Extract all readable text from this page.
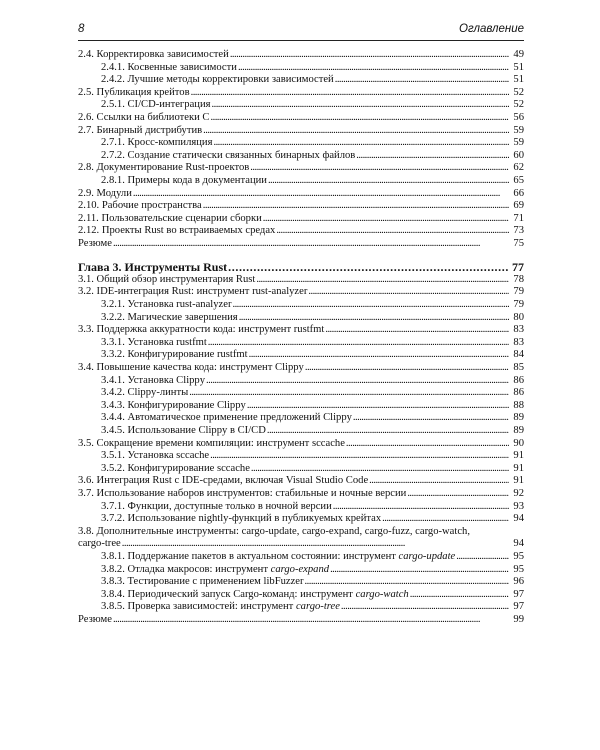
8	Оглавление
2.4. Корректировка зависимостей . . .	49
2.4.1. Косвенные зависимости . . .	51
2.4.2. Лучшие методы корректировки зависимостей . . .	51
2.5. Публикация крейтов . . .	52
2.5.1. CI/CD-интеграция . . .	52
2.6. Ссылки на библиотеки С . . .	56
2.7. Бинарный дистрибутив . . .	59
2.7.1. Кросс-компиляция . . .	59
2.7.2. Создание статически связанных бинарных файлов . . .	60
2.8. Документирование Rust-проектов . . .	62
2.8.1. Примеры кода в документации . . .	65
2.9. Модули . . .	66
2.10. Рабочие пространства . . .	69
2.11. Пользовательские сценарии сборки . . .	71
2.12. Проекты Rust во встраиваемых средах . . .	73
Резюме . . .	75
Глава 3. Инструменты Rust . . .	77
3.1. Общий обзор инструментария Rust . . .	78
3.2. IDE-интеграция Rust: инструмент rust-analyzer . . .	79
3.2.1. Установка rust-analyzer . . .	79
3.2.2. Магические завершения . . .	80
3.3. Поддержка аккуратности кода: инструмент rustfmt . . .	83
3.3.1. Установка rustfmt . . .	83
3.3.2. Конфигурирование rustfmt . . .	84
3.4. Повышение качества кода: инструмент Clippy . . .	85
3.4.1. Установка Clippy . . .	86
3.4.2. Clippy-линты . . .	86
3.4.3. Конфигурирование Clippy . . .	88
3.4.4. Автоматическое применение предложений Clippy . . .	89
3.4.5. Использование Clippy в CI/CD . . .	89
3.5. Сокращение времени компиляции: инструмент sccache . . .	90
3.5.1. Установка sccache . . .	91
3.5.2. Конфигурирование sccache . . .	91
3.6. Интеграция Rust с IDE-средами, включая Visual Studio Code . . .	91
3.7. Использование наборов инструментов: стабильные и ночные версии . . .	92
3.7.1. Функции, доступные только в ночной версии . . .	93
3.7.2. Использование nightly-функций в публикуемых крейтах . . .	94
3.8. Дополнительные инструменты: cargo-update, cargo-expand, cargo-fuzz, cargo-watch,
cargo-tree . . .	94
3.8.1. Поддержание пакетов в актуальном состоянии: инструмент cargo-update . . .	95
3.8.2. Отладка макросов: инструмент cargo-expand . . .	95
3.8.3. Тестирование с применением libFuzzer . . .	96
3.8.4. Периодический запуск Cargo-команд: инструмент cargo-watch . . .	97
3.8.5. Проверка зависимостей: инструмент cargo-tree . . .	97
Резюме . . .	99
